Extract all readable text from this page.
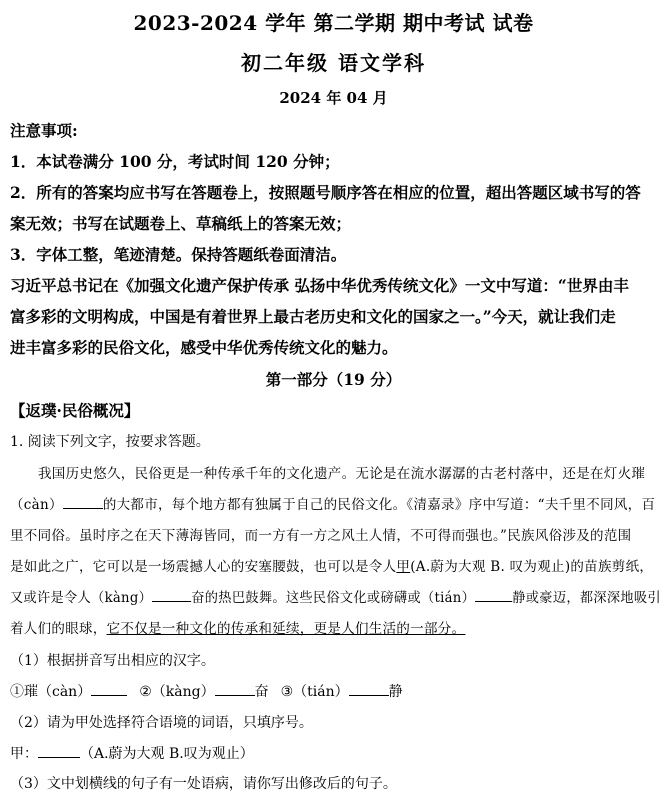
2023-2024 学年 第二学期 期中考试 试卷
初二年级 语文学科
2024 年 04 月
注意事项:
1．本试卷满分 100 分，考试时间 120 分钟；
2．所有的答案均应书写在答题卷上，按照题号顺序答在相应的位置，超出答题区域书写的答
案无效；书写在试题卷上、草稿纸上的答案无效；
3．字体工整，笔迹清楚。保持答题纸卷面清洁。
习近平总书记在《加强文化遗产保护传承 弘扬中华优秀传统文化》一文中写道：“世界由丰
富多彩的文明构成，中国是有着世界上最古老历史和文化的国家之一。”今天，就让我们走
进丰富多彩的民俗文化，感受中华优秀传统文化的魅力。
第一部分（19 分）
【返璞·民俗概况】
1. 阅读下列文字，按要求答题。
我国历史悠久，民俗更是一种传承千年的文化遗产。无论是在流水潺潺的古老村落中，还是在灯火璀
（càn）	的大都市，每个地方都有独属于自己的民俗文化。《清嘉录》序中写道：“夫千里不同风，百
里不同俗。虽时序之在天下薄海皆同，而一方有一方之风土人情，不可得而强也。”民族风俗涉及的范围
是如此之广，它可以是一场震撼人心的安塞腰鼓，也可以是令人甲(A.蔚为大观 B. 叹为观止)的苗族剪纸，
又或许是令人（kàng）	奋的热巴鼓舞。这些民俗文化或磅礴或（tián）	静或豪迈，都深深地吸引
着人们的眼球，它不仅是一种文化的传承和延续，更是人们生活的一部分。
（1）根据拼音写出相应的汉字。
①璀（càn）	②（kàng）	奋 ③（tián）	静
（2）请为甲处选择符合语境的词语，只填序号。
甲：	（A.蔚为大观 B.叹为观止）
（3）文中划横线的句子有一处语病，请你写出修改后的句子。
